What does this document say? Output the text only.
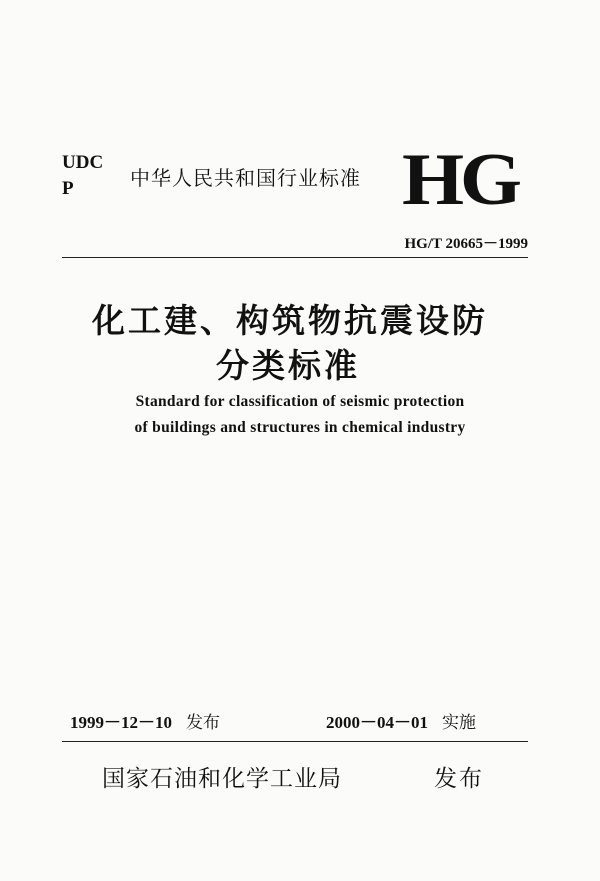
UDC
P	中华人民共和国行业标准 HG
HG/T 20665－1999
化工建、构筑物抗震设防
分类标准
Standard for classification of seismic protection
of buildings and structures in chemical industry
1999－12－10 发布	2000－04－01 实施
国家石油和化学工业局	发布
